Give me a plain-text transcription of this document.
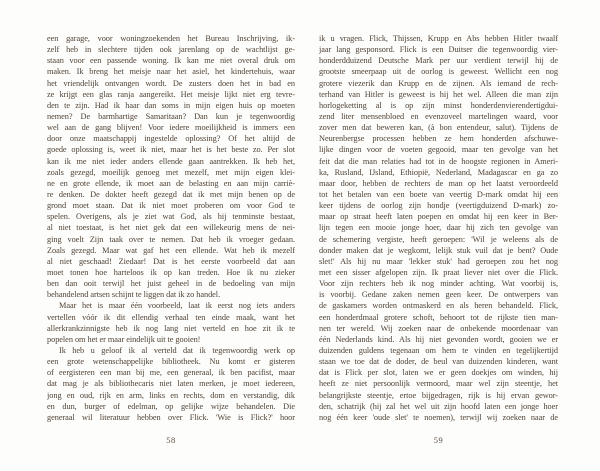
een garage, voor woningzoekenden het Bureau Inschrijving, ik-
zelf heb in slechtere tijden ook jarenlang op de wachtlijst ge-
staan voor een passende woning. Ik kan me niet overal druk om
maken. Ik breng het meisje naar het asiel, het kindertehuis, waar
het vriendelijk ontvangen wordt. De zusters doen het in bad en
ze krijgt een glas ranja aangereikt. Het meisje lijkt niet erg tevre-
den te zijn. Had ik haar dan soms in mijn eigen huis op moeten
nemen? De barmhartige Samaritaan? Dan kun je tegenwoordig
wel aan de gang blijven! Voor iedere moeilijkheid is immers een
door onze maatschappij ingestelde oplossing? Of het altijd de
goede oplossing is, weet ik niet, maar het is het beste zo. Per slot
kan ik me niet ieder anders ellende gaan aantrekken. Ik heb het,
zoals gezegd, moeilijk genoeg met mezelf, met mijn eigen klei-
ne en grote ellende, ik moet aan de belasting en aan mijn carriè-
re denken. De dokter heeft gezegd dat ik met mijn benen op de
grond moet staan. Dat ik niet moet proberen om voor God te
spelen. Overigens, als je ziet wat God, als hij tenminste bestaat,
al niet toestaat, is het niet gek dat een willekeurig mens de nei-
ging voelt Zijn taak over te nemen. Dat heb ik vroeger gedaan.
Zoals gezegd. Maar wat gaf het een ellende. Wat heb ik mezelf
al niet geschaad! Ziedaar! Dat is het eerste voorbeeld dat aan
moet tonen hoe harteloos ik op kan treden. Hoe ik nu zieker
ben dan ooit terwijl het juist geheel in de bedoeling van mijn
behandelend artsen schijnt te liggen dat ik zo handel.
Maar het is maar één voorbeeld, laat ik eerst nog iets anders
vertellen vóór ik dit ellendig verhaal ten einde maak, want het
allerkrankzinnigste heb ik nog lang niet verteld en hoe zit ik te
popelen om het er maar eindelijk uit te gooien!
Ik heb u geloof ik al verteld dat ik tegenwoordig werk op
een grote wetenschappelijke bibliotheek. Nu komt er gisteren
of eergisteren een man bij me, een generaal, ik ben pacifist, maar
dat mag je als bibliothecaris niet laten merken, je moet iedereen,
jong en oud, rijk en arm, links en rechts, dom en verstandig, dik
en dun, burger of edelman, op gelijke wijze behandelen. Die
generaal wil literatuur hebben over Flick. 'Wie is Flick?' hoor
58
ik u vragen. Flick, Thijssen, Krupp en Abs hebben Hitler twaalf
jaar lang gesponsord. Flick is een Duitser die tegenwoordig vier-
honderdduizend Deutsche Mark per uur verdient terwijl hij de
grootste smeerpaap uit de oorlog is geweest. Wellicht een nog
grotere viezerik dan Krupp en de zijnen. Als iemand de rech-
terhand van Hitler is geweest is hij het wel. Alleen die man zijn
horlogeketting al is op zijn minst honderdenvierendertigdui-
zend liter mensenbloed en evenzoveel martelingen waard, voor
zover men dat beweren kan, (à bon entendeur, salut). Tijdens de
Neurenbergse processen hebben ze hem honderden afschuwe-
lijke dingen voor de voeten gegooid, maar ten gevolge van het
feit dat die man relaties had tot in de hoogste regionen in Ameri-
ka, Rusland, IJsland, Ethiopië, Nederland, Madagascar en ga zo
maar door, hebben de rechters de man op het laatst veroordeeld
tot het betalen van een boete van veertig D-mark omdat hij een
keer tijdens de oorlog zijn hondje (veertigduizend D-mark) zo-
maar op straat heeft laten poepen en omdat hij een keer in Ber-
lijn tegen een mooie jonge hoer, daar hij zich ten gevolge van
de schemering vergiste, heeft geroepen: 'Wil je weleens als de
donder maken dat je wegkomt, lelijk stuk vuil dat je bent? Oude
slet!' Als hij nu maar 'lekker stuk' had geroepen zou het nog
met een sisser afgelopen zijn. Ik praat liever niet over die Flick.
Voor zijn rechters heb ik nog minder achting. Wat voorbij is,
is voorbij. Gedane zaken nemen geen keer. De ontwerpers van
de gaskamers worden ontmaskerd en als heren behandeld. Flick,
een honderdmaal grotere schoft, behoort tot de rijkste tien man-
nen ter wereld. Wij zoeken naar de onbekende moordenaar van
één Nederlands kind. Als hij niet gevonden wordt, gooien we er
duizenden guldens tegenaan om hem te vinden en tegelijkertijd
staan we toe dat de doder, de beul van duizenden kinderen, want
dat is Flick per slot, laten we er geen doekjes om winden, hij
heeft ze niet persoonlijk vermoord, maar wel zijn steentje, het
belangrijkste steentje, ertoe bijgedragen, rijk is hij ervan gewor-
den, schatrijk (hij zal het wel uit zijn hoofd laten een jonge hoer
nog één keer 'oude slet' te noemen), terwijl wij zoeken naar de
59
